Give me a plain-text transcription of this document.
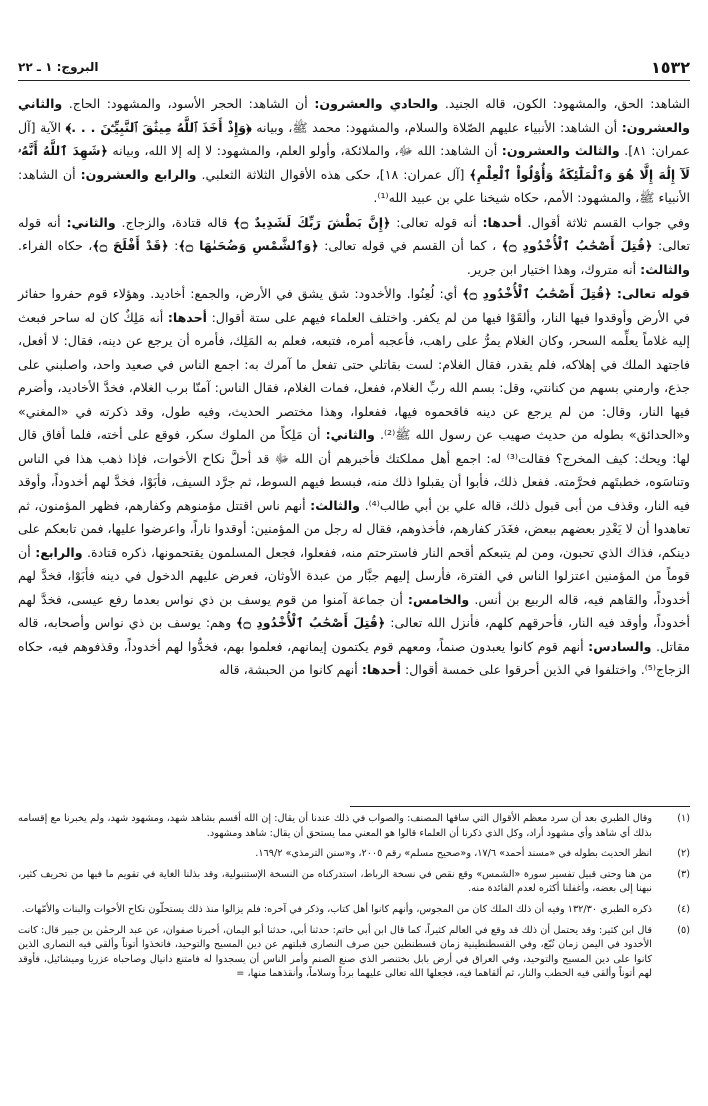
١٥٣٢
البروج: ١ ـ ٢٢

الشاهد: الحق، والمشهود: الكون، قاله الجنيد. والحادي والعشرون: أن الشاهد: الحجر الأسود، والمشهود: الحاج. والثاني والعشرون: أن الشاهد: الأنبياء عليهم الصّلاة والسلام، والمشهود: محمد ﷺ، وبيانه ﴿وَإِذْ أَخَذَ ٱللَّهُ مِيثَٰقَ ٱلنَّبِيِّـۧنَ . . .﴾ الآية [آل عمران: ٨١]. والثالث والعشرون: أن الشاهد: الله ﷻ، والملائكة، وأولو العلم، والمشهود: لا إله إلا الله، وبيانه ﴿شَهِدَ ٱللَّهُ أَنَّهُۥ لَآ إِلَٰهَ إِلَّا هُوَ وَٱلْمَلَٰٓئِكَةُ وَأُوْلُواْ ٱلْعِلْمِ﴾ [آل عمران: ١٨]، حكى هذه الأقوال الثلاثة الثعلبي. والرابع والعشرون: أن الشاهد: الأنبياء ﷺ، والمشهود: الأمم، حكاه شيخنا علي بن عبيد الله⁽¹⁾.

وفي جواب القسم ثلاثة أقوال. أحدها: أنه قوله تعالى: ﴿إِنَّ بَطْشَ رَبِّكَ لَشَدِيدٌ ۝﴾ قاله قتادة، والزجاج. والثاني: أنه قوله تعالى: ﴿قُتِلَ أَصْحَٰبُ ٱلْأُخْدُودِ ۝﴾ ، كما أن القسم في قوله تعالى: ﴿وَٱلشَّمْسِ وَضُحَىٰهَا ۝﴾: ﴿قَدْ أَفْلَحَ ۝﴾، حكاه الفراء. والثالث: أنه متروك، وهذا اختيار ابن جرير.

قوله تعالى: ﴿قُتِلَ أَصْحَٰبُ ٱلْأُخْدُودِ ۝﴾ أي: لُعِنُوا. والأخدود: شق يشق في الأرض، والجمع: أخاديد. وهؤلاء قوم حفروا حفائر في الأرض وأوقدوا فيها النار، وألقَوْا فيها من لم يكفر. واختلف العلماء فيهم على ستة أقوال: أحدها: أنه مَلِكٌ كان له ساحر فبعث إليه غلاماً يعلِّمه السحر، وكان الغلام يمرُّ على راهب، فأعجبه أمره، فتبعه، فعلم به المَلِك، فأمره أن يرجع عن دينه، فقال: لا أفعل، فاجتهد الملك في إهلاكه، فلم يقدر، فقال الغلام: لست بقاتلي حتى تفعل ما آمرك به: اجمع الناس في صعيد واحد، واصلبني على جذع، وارمني بسهم من كنانتي، وقل: بسم الله ربِّ الغلام، ففعل، فمات الغلام، فقال الناس: آمنّا برب الغلام، فخدَّ الأخاديد، وأضرم فيها النار، وقال: من لم يرجع عن دينه فاقحموه فيها، ففعلوا، وهذا مختصر الحديث، وفيه طول، وقد ذكرته في «المغني» و«الحدائق» بطوله من حديث صهيب عن رسول الله ﷺ⁽²⁾. والثاني: أن مَلِكاً من الملوك سكر، فوقع على أخته، فلما أفاق قال لها: ويحك: كيف المخرج؟ فقالت⁽³⁾ له: اجمع أهل مملكتك فأخبرهم أن الله ﷻ قد أحلَّ نكاح الأخوات، فإذا ذهب هذا في الناس وتناسَوه، خطبتَهم فحرَّمته. ففعل ذلك، فأبوا أن يقبلوا ذلك منه، فبسط فيهم السوط، ثم جرَّد السيف، فأبَوْا، فخدَّ لهم أخدوداً، وأوقد فيه النار، وقذف من أبى قبول ذلك، قاله علي بن أبي طالب⁽⁴⁾. والثالث: أنهم ناس اقتتل مؤمنوهم وكفارهم، فظهر المؤمنون، ثم تعاهدوا أن لا يَغْدِر بعضهم ببعض، فغَدَر كفارهم، فأخذوهم، فقال له رجل من المؤمنين: أوقدوا ناراً، واعرضوا عليها، فمن تابعكم على دينكم، فذاك الذي تحبون، ومن لم يتبعكم أقحم النار فاسترحتم منه، ففعلوا، فجعل المسلمون يقتحمونها، ذكره قتادة. والرابع: أن قوماً من المؤمنين اعتزلوا الناس في الفترة، فأرسل إليهم جبَّار من عبدة الأوثان، فعرض عليهم الدخول في دينه فأبَوْا، فخدَّ لهم أخدوداً، والقاهم فيه، قاله الربيع بن أنس. والخامس: أن جماعة آمنوا من قوم يوسف بن ذي نواس بعدما رفع عيسى، فخدَّ لهم أخدوداً، وأوقد فيه النار، فأحرقهم كلهم، فأنزل الله تعالى: ﴿قُتِلَ أَصْحَٰبُ ٱلْأُخْدُودِ ۝﴾ وهم: يوسف بن ذي نواس وأصحابه، قاله مقاتل. والسادس: أنهم قوم كانوا يعبدون صنماً، ومعهم قوم يكتمون إيمانهم، فعلموا بهم، فخدُّوا لهم أخدوداً، وقذفوهم فيه، حكاه الزجاج⁽⁵⁾. واختلفوا في الذين أحرقوا على خمسة أقوال: أحدها: أنهم كانوا من الحبشة، قاله

(١)
وقال الطبري بعد أن سرد معظم الأقوال التي ساقها المصنف: والصواب في ذلك عندنا أن يقال: إن الله أقسم بشاهد شهد، ومشهود شهد، ولم يخبرنا مع إقسامه بذلك أي شاهد وأي مشهود أراد، وكل الذي ذكرنا أن العلماء قالوا هو المعني مما يستحق أن يقال: شاهد ومشهود.
(٢)
انظر الحديث بطوله في «مسند أحمد» ١٧/٦، و«صحيح مسلم» رقم ٢٠٠٥، و«سنن الترمذي» ١٦٩/٢.
(٣)
من هنا وحتى قبيل تفسير سورة «الشمس» وقع نقص في نسخة الرباط، استدركناه من النسخة الإستنبولية، وقد بذلنا الغاية في تقويم ما فيها من تحريف كثير، نبهنا إلى بعضه، وأغفلنا أكثره لعدم الفائدة منه.
(٤)
ذكره الطبري ١٣٢/٣٠ وفيه أن ذلك الملك كان من المجوس، وأنهم كانوا أهل كتاب، وذكر في آخره: فلم يزالوا منذ ذلك يستحلّون نكاح الأخوات والبنات والأمّهات.
(٥)
قال ابن كثير: وقد يحتمل أن ذلك قد وقع في العالم كثيراً، كما قال ابن أبي حاتم: حدثنا أبي، حدثنا أبو اليمان، أخبرنا صفوان، عن عبد الرحمٰن بن جبير قال: كانت الأخدود في اليمن زمان تُبّع، وفي القسطنطينية زمان قسطنطين حين صرف النصارى قبلتهم عن دين المسيح والتوحيد، فاتخذوا أتوناً وألقي فيه النصارى الذين كانوا على دين المسيح والتوحيد، وفي العراق في أرض بابل بختنصر الذي صنع الصنم وأمر الناس أن يسجدوا له فامتنع دانيال وصاحباه عزريا وميشائيل، فأوقد لهم أتوناً وألقى فيه الحطب والنار، ثم ألقاهما فيه، فجعلها الله تعالى عليهما برداً وسلاماً، وأنقذهما منها، =
